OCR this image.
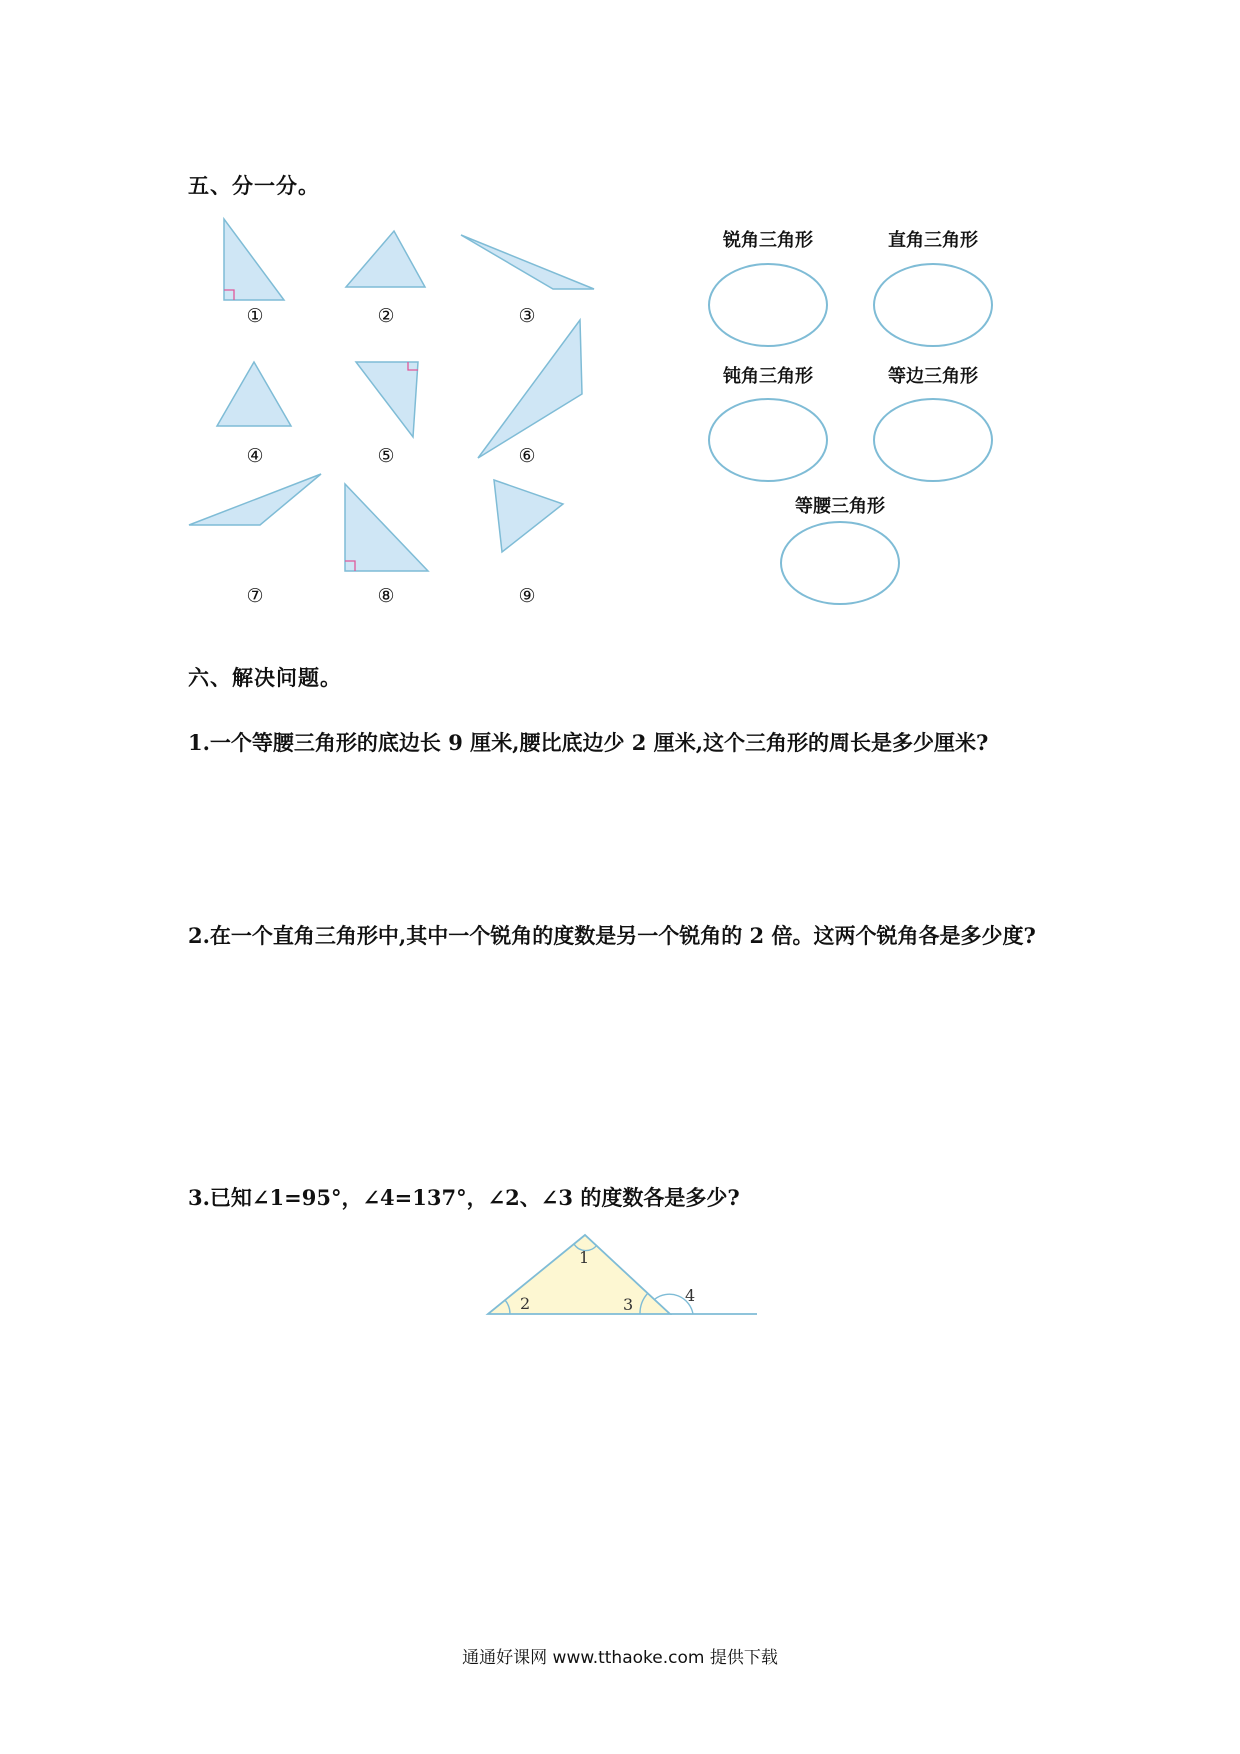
五、分一分。
①	②	③
④	⑤	⑥
⑦	⑧	⑨
锐角三角形	直角三角形
钝角三角形	等边三角形
等腰三角形
六、解决问题。
1.一个等腰三角形的底边长 9 厘米,腰比底边少 2 厘米,这个三角形的周长是多少厘米?
2.在一个直角三角形中,其中一个锐角的度数是另一个锐角的 2 倍。这两个锐角各是多少度?
3.已知∠1=95°，∠4=137°，∠2、∠3 的度数各是多少?
1
2	3	4
通通好课网 www.tthaoke.com 提供下载
